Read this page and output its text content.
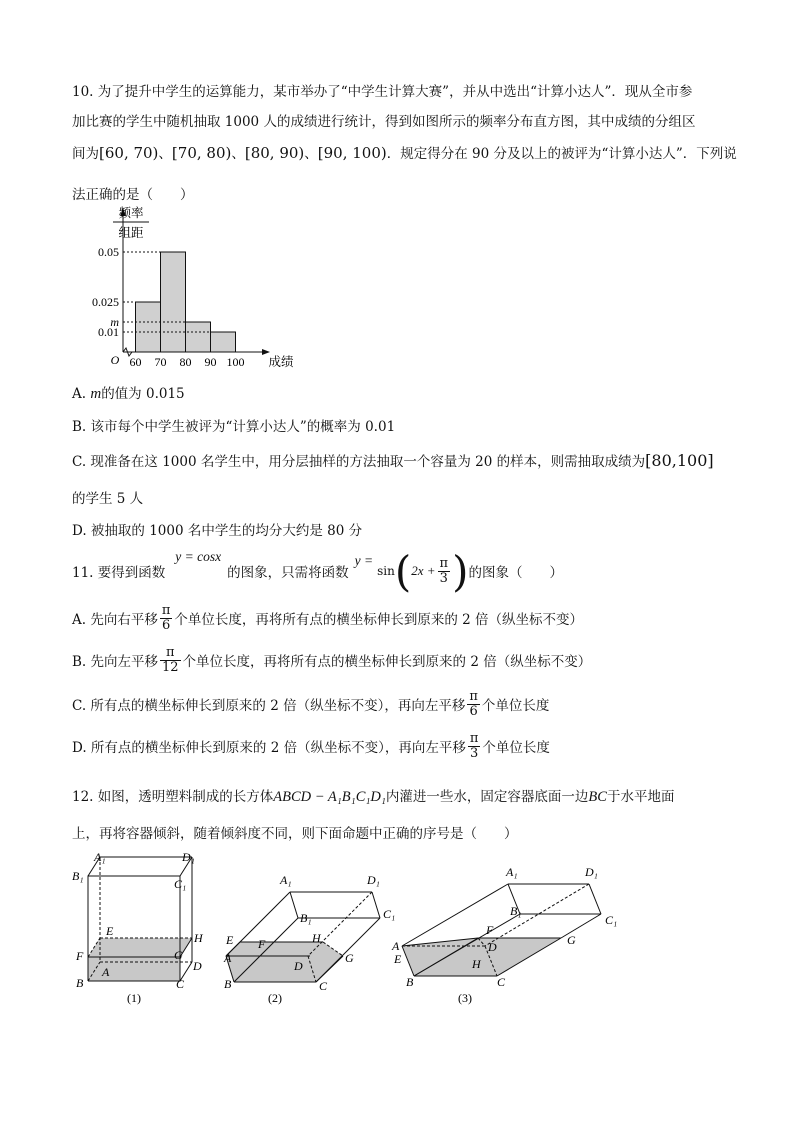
10. 为了提升中学生的运算能力，某市举办了“中学生计算大赛”，并从中选出“计算小达人”．现从全市参
加比赛的学生中随机抽取 1000 人的成绩进行统计，得到如图所示的频率分布直方图，其中成绩的分组区
间为[60, 70)、[70, 80)、[80, 90)、[90, 100)．规定得分在 90 分及以上的被评为“计算小达人”．下列说
法正确的是（　　）
0.05
0.025
m
0.01
60 70 80 90 100
O	成绩
频率
组距
A. m的值为 0.015
B. 该市每个中学生被评为“计算小达人”的概率为 0.01
C. 现准备在这 1000 名学生中，用分层抽样的方法抽取一个容量为 20 的样本，则需抽取成绩为[80,100]
的学生 5 人
D. 被抽取的 1000 名中学生的均分大约是 80 分
11. 要得到函数
y = cosx
的图象，只需将函数
y =
sin ( $2x + \frac{\pi}{3}$ ) 的图象（　　）
A. 先向右平移 $\frac{\pi}{6}$ 个单位长度，再将所有点的横坐标伸长到原来的 2 倍（纵坐标不变）
B. 先向左平移 $\frac{\pi}{12}$ 个单位长度，再将所有点的横坐标伸长到原来的 2 倍（纵坐标不变）
C. 所有点的横坐标伸长到原来的 2 倍（纵坐标不变），再向左平移 $\frac{\pi}{6}$ 个单位长度
D. 所有点的横坐标伸长到原来的 2 倍（纵坐标不变），再向左平移 $\frac{\pi}{3}$ 个单位长度
12. 如图，透明塑料制成的长方体ABCD − A₁B₁C₁D₁内灌进一些水，固定容器底面一边BC于水平地面
上，再将容器倾斜，随着倾斜度不同，则下面命题中正确的序号是（　　）
A₁
B₁
D₁
C₁
E	H
F	G
A	D
B	C
(1)
A₁	D₁
B₁	C₁
E F	H
G
D
A
B	C
(2)
A₁	D₁
B₁
C₁
A
E
F
D
H
G
B	C
(3)
